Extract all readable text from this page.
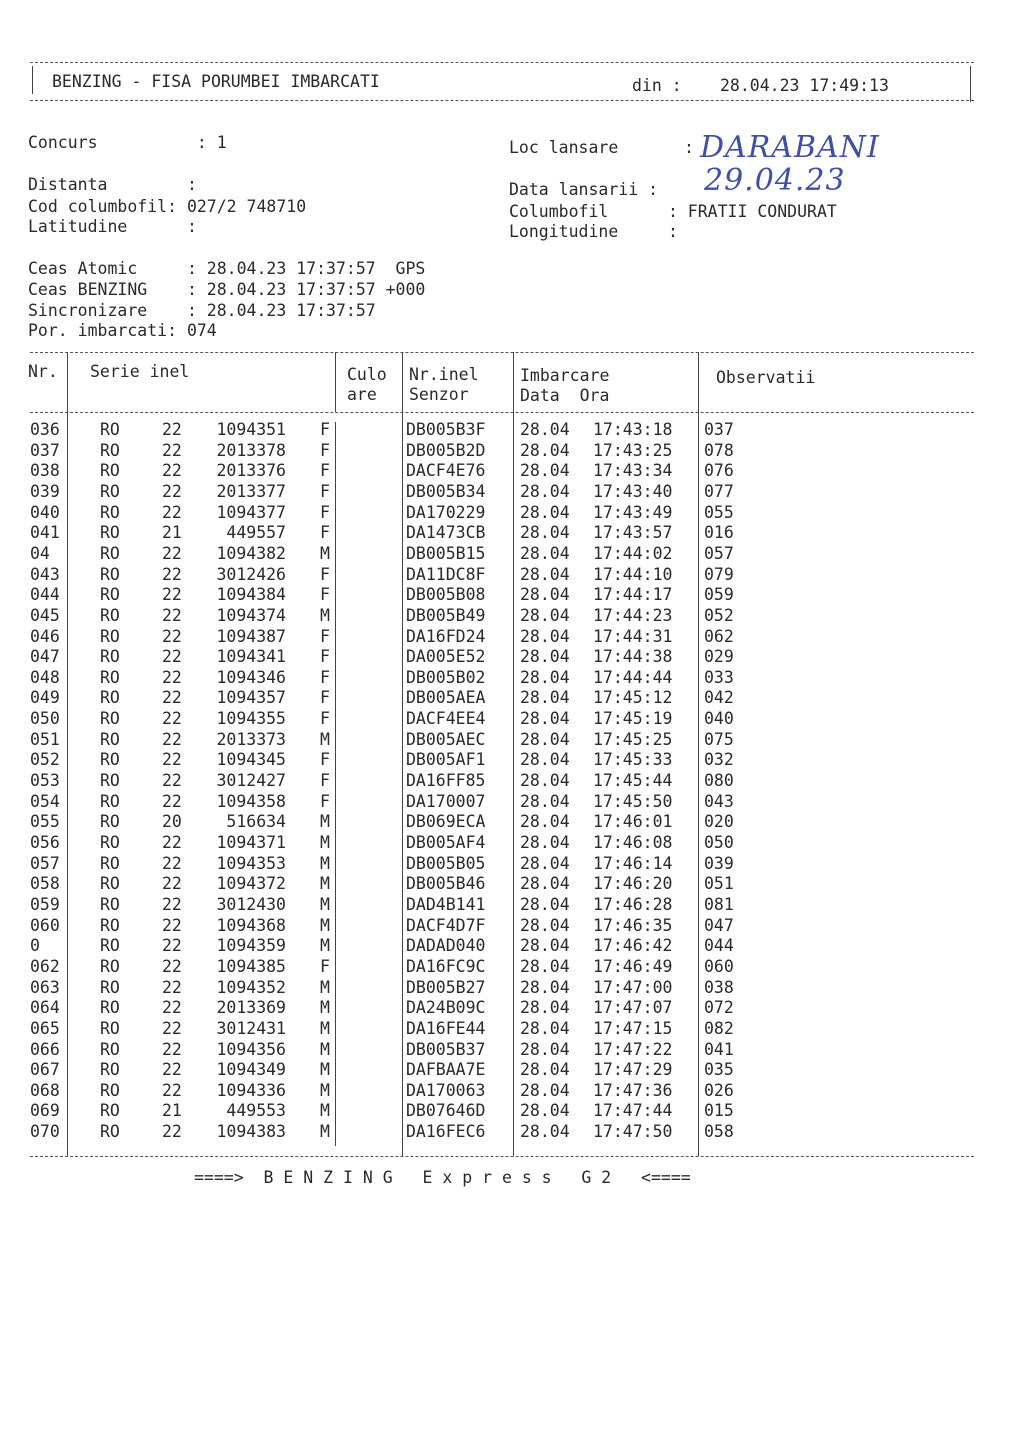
BENZING - FISA PORUMBEI IMBARCATI	din : 28.04.23 17:49:13
Concurs          : 1
Distanta        :
Cod columbofil: 027/2 748710
Latitudine      :
Loc lansare	: DARABANI
Data lansarii : 29.04.23
Columbofil      : FRATII CONDURAT
Longitudine     :
Ceas Atomic     : 28.04.23 17:37:57  GPS
Ceas BENZING    : 28.04.23 17:37:57 +000
Sincronizare    : 28.04.23 17:37:57
Por. imbarcati: 074
Nr. Serie inel	Culo
are
Nr.inel
Senzor
Imbarcare
Data  Ora
Observatii
036 RO	22	1094351 F	DB005B3F 28.04 17:43:18 037
037 RO	22	2013378 F	DB005B2D 28.04 17:43:25 078
038 RO	22	2013376 F	DACF4E76 28.04 17:43:34 076
039 RO	22	2013377 F	DB005B34 28.04 17:43:40 077
040 RO	22	1094377 F	DA170229 28.04 17:43:49 055
041 RO	21	449557 F	DA1473CB 28.04 17:43:57 016
04	RO	22	1094382 M	DB005B15 28.04 17:44:02 057
043 RO	22	3012426 F	DA11DC8F 28.04 17:44:10 079
044 RO	22	1094384 F	DB005B08 28.04 17:44:17 059
045 RO	22	1094374 M	DB005B49 28.04 17:44:23 052
046 RO	22	1094387 F	DA16FD24 28.04 17:44:31 062
047 RO	22	1094341 F	DA005E52 28.04 17:44:38 029
048 RO	22	1094346 F	DB005B02 28.04 17:44:44 033
049 RO	22	1094357 F	DB005AEA 28.04 17:45:12 042
050 RO	22	1094355 F	DACF4EE4 28.04 17:45:19 040
051 RO	22	2013373 M	DB005AEC 28.04 17:45:25 075
052 RO	22	1094345 F	DB005AF1 28.04 17:45:33 032
053 RO	22	3012427 F	DA16FF85 28.04 17:45:44 080
054 RO	22	1094358 F	DA170007 28.04 17:45:50 043
055 RO	20	516634 M	DB069ECA 28.04 17:46:01 020
056 RO	22	1094371 M	DB005AF4 28.04 17:46:08 050
057 RO	22	1094353 M	DB005B05 28.04 17:46:14 039
058 RO	22	1094372 M	DB005B46 28.04 17:46:20 051
059 RO	22	3012430 M	DAD4B141 28.04 17:46:28 081
060 RO	22	1094368 M	DACF4D7F 28.04 17:46:35 047
0	RO	22	1094359 M	DADAD040 28.04 17:46:42 044
062 RO	22	1094385 F	DA16FC9C 28.04 17:46:49 060
063 RO	22	1094352 M	DB005B27 28.04 17:47:00 038
064 RO	22	2013369 M	DA24B09C 28.04 17:47:07 072
065 RO	22	3012431 M	DA16FE44 28.04 17:47:15 082
066 RO	22	1094356 M	DB005B37 28.04 17:47:22 041
067 RO	22	1094349 M	DAFBAA7E 28.04 17:47:29 035
068 RO	22	1094336 M	DA170063 28.04 17:47:36 026
069 RO	21	449553 M	DB07646D 28.04 17:47:44 015
070 RO	22	1094383 M	DA16FEC6 28.04 17:47:50 058
====>  B E N Z I N G   E x p r e s s   G 2   <====
